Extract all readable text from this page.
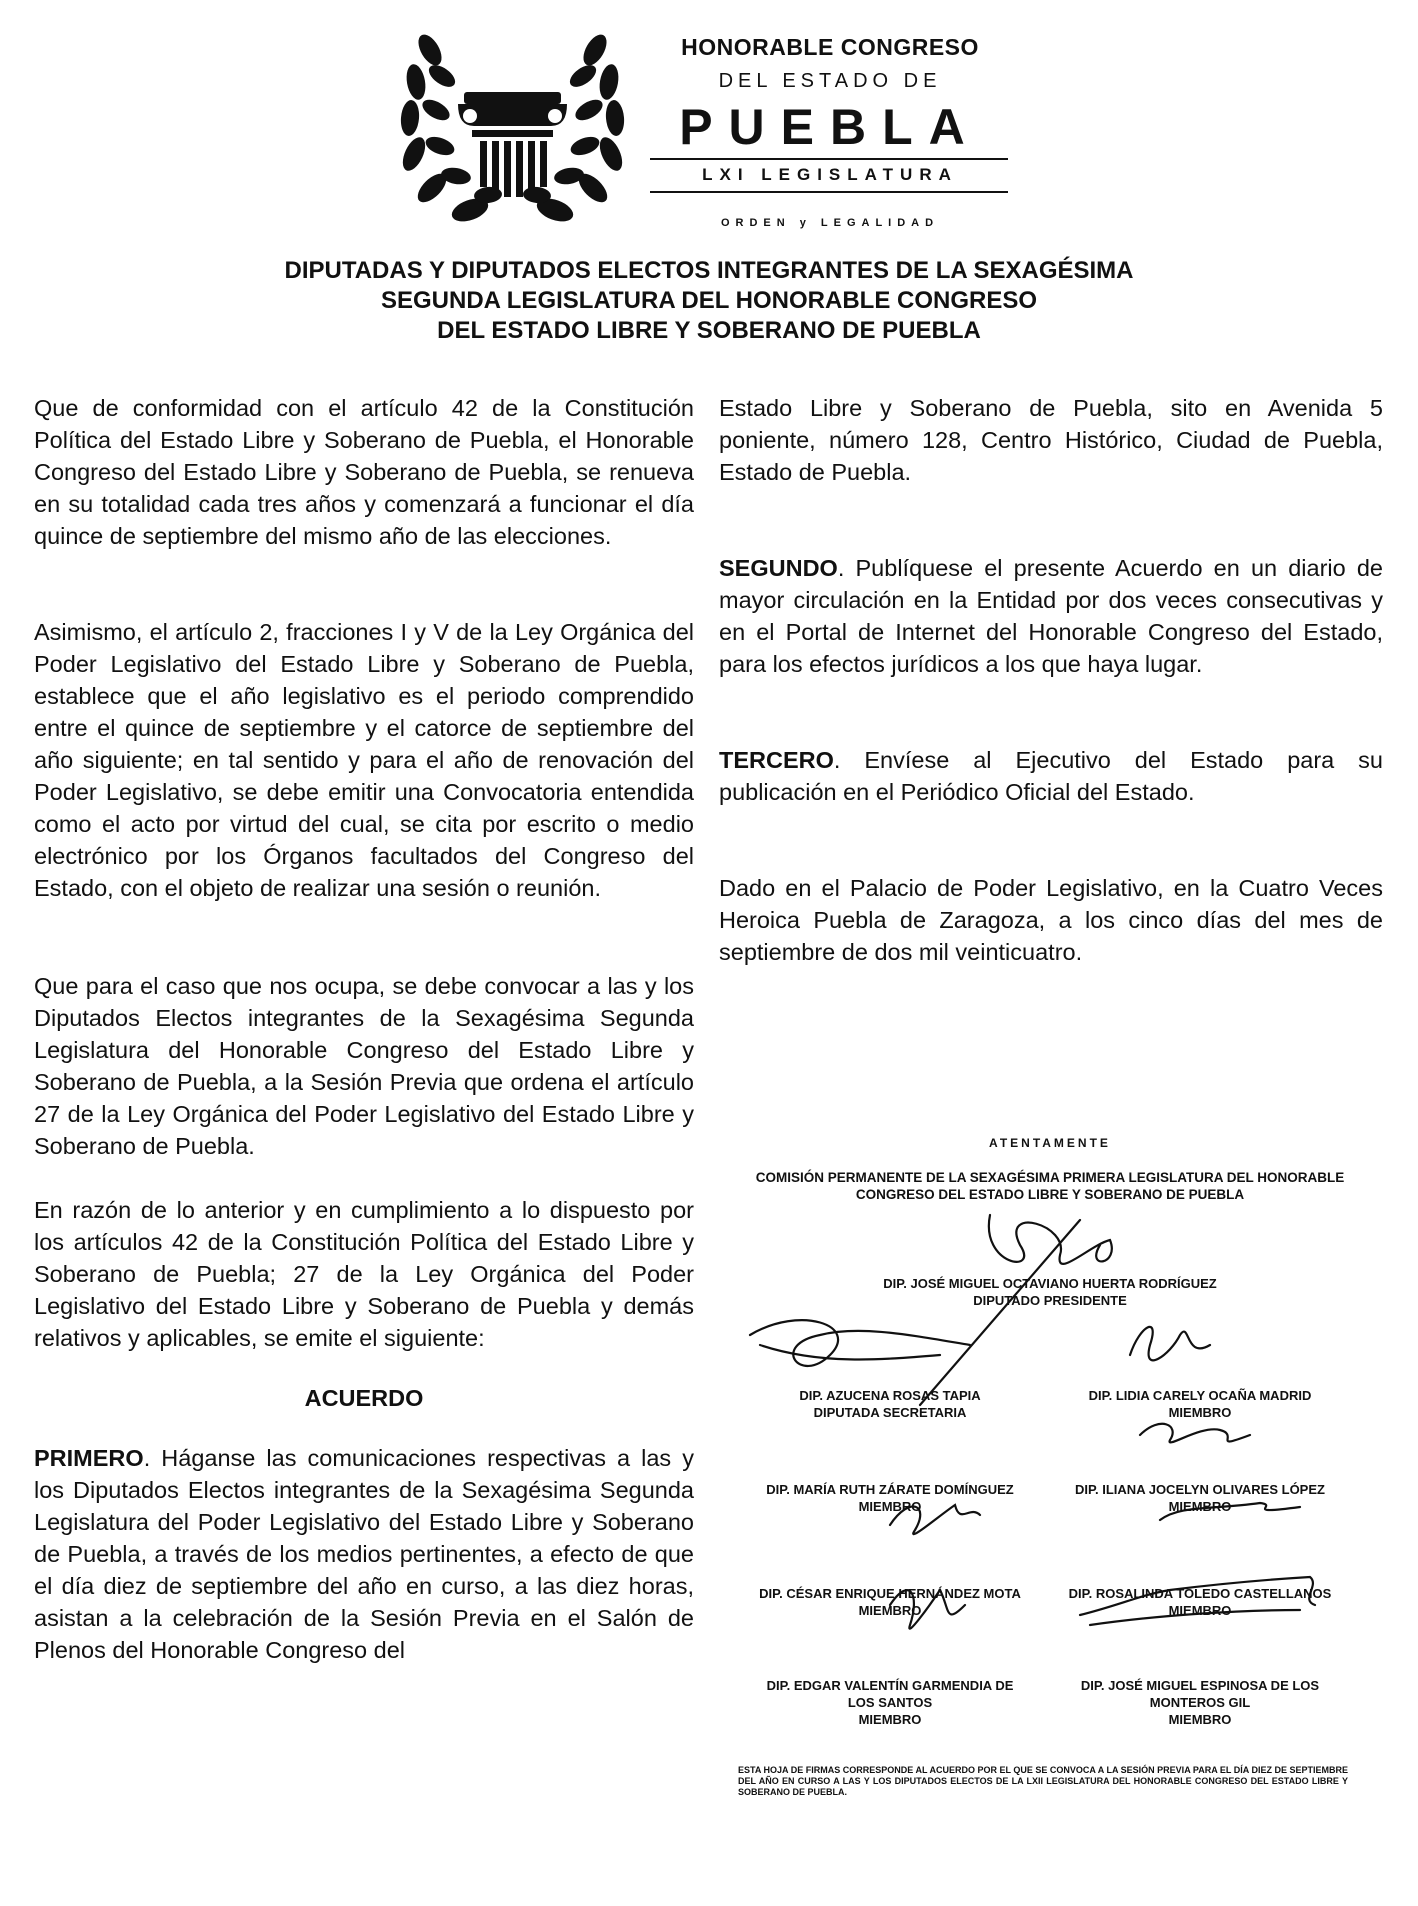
HONORABLE CONGRESO
DEL ESTADO DE
PUEBLA
LXI LEGISLATURA
ORDEN y LEGALIDAD
DIPUTADAS Y DIPUTADOS ELECTOS INTEGRANTES DE LA SEXAGÉSIMA
SEGUNDA LEGISLATURA DEL HONORABLE CONGRESO
DEL ESTADO LIBRE Y SOBERANO DE PUEBLA

Que de conformidad con el artículo 42 de la Constitución Política del Estado Libre y Soberano de Puebla, el Honorable Congreso del Estado Libre y Soberano de Puebla, se renueva en su totalidad cada tres años y comenzará a funcionar el día quince de septiembre del mismo año de las elecciones.

Asimismo, el artículo 2, fracciones I y V de la Ley Orgánica del Poder Legislativo del Estado Libre y Soberano de Puebla, establece que el año legislativo es el periodo comprendido entre el quince de septiembre y el catorce de septiembre del año siguiente; en tal sentido y para el año de renovación del Poder Legislativo, se debe emitir una Convocatoria entendida como el acto por virtud del cual, se cita por escrito o medio electrónico por los Órganos facultados del Congreso del Estado, con el objeto de realizar una sesión o reunión.

Que para el caso que nos ocupa, se debe convocar a las y los Diputados Electos integrantes de la Sexagésima Segunda Legislatura del Honorable Congreso del Estado Libre y Soberano de Puebla, a la Sesión Previa que ordena el artículo 27 de la Ley Orgánica del Poder Legislativo del Estado Libre y Soberano de Puebla.

En razón de lo anterior y en cumplimiento a lo dispuesto por los artículos 42 de la Constitución Política del Estado Libre y Soberano de Puebla; 27 de la Ley Orgánica del Poder Legislativo del Estado Libre y Soberano de Puebla y demás relativos y aplicables, se emite el siguiente:

ACUERDO

PRIMERO. Háganse las comunicaciones respectivas a las y los Diputados Electos integrantes de la Sexagésima Segunda Legislatura del Poder Legislativo del Estado Libre y Soberano de Puebla, a través de los medios pertinentes, a efecto de que el día diez de septiembre del año en curso, a las diez horas, asistan a la celebración de la Sesión Previa en el Salón de Plenos del Honorable Congreso del

Estado Libre y Soberano de Puebla, sito en Avenida 5 poniente, número 128, Centro Histórico, Ciudad de Puebla, Estado de Puebla.

SEGUNDO. Publíquese el presente Acuerdo en un diario de mayor circulación en la Entidad por dos veces consecutivas y en el Portal de Internet del Honorable Congreso del Estado, para los efectos jurídicos a los que haya lugar.

TERCERO. Envíese al Ejecutivo del Estado para su publicación en el Periódico Oficial del Estado.

Dado en el Palacio de Poder Legislativo, en la Cuatro Veces Heroica Puebla de Zaragoza, a los cinco días del mes de septiembre de dos mil veinticuatro.

ATENTAMENTE
COMISIÓN PERMANENTE DE LA SEXAGÉSIMA PRIMERA LEGISLATURA DEL HONORABLE
CONGRESO DEL ESTADO LIBRE Y SOBERANO DE PUEBLA
DIP. JOSÉ MIGUEL OCTAVIANO HUERTA RODRÍGUEZ
DIPUTADO PRESIDENTE
DIP. AZUCENA ROSAS TAPIA
DIPUTADA SECRETARIA
DIP. LIDIA CARELY OCAÑA MADRID
MIEMBRO
DIP. MARÍA RUTH ZÁRATE DOMÍNGUEZ
MIEMBRO
DIP. ILIANA JOCELYN OLIVARES LÓPEZ
MIEMBRO
DIP. CÉSAR ENRIQUE HERNÁNDEZ MOTA
MIEMBRO
DIP. ROSALINDA TOLEDO CASTELLANOS
MIEMBRO
DIP. EDGAR VALENTÍN GARMENDIA DE
LOS SANTOS
MIEMBRO
DIP. JOSÉ MIGUEL ESPINOSA DE LOS
MONTEROS GIL
MIEMBRO
ESTA HOJA DE FIRMAS CORRESPONDE AL ACUERDO POR EL QUE SE CONVOCA A LA SESIÓN PREVIA PARA EL DÍA DIEZ DE SEPTIEMBRE DEL AÑO EN CURSO A LAS Y LOS DIPUTADOS ELECTOS DE LA LXII LEGISLATURA DEL HONORABLE CONGRESO DEL ESTADO LIBRE Y SOBERANO DE PUEBLA.
